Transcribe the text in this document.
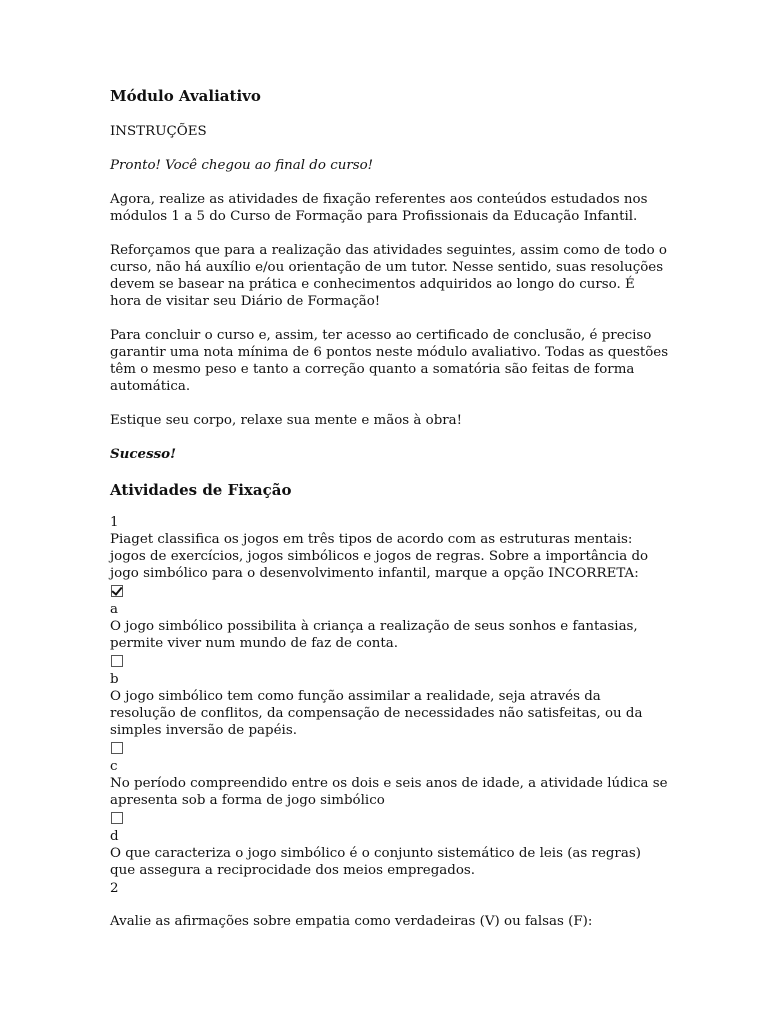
Módulo Avaliativo

INSTRUÇÕES

Pronto! Você chegou ao final do curso!

Agora, realize as atividades de fixação referentes aos conteúdos estudados nos módulos 1 a 5 do Curso de Formação para Profissionais da Educação Infantil.

Reforçamos que para a realização das atividades seguintes, assim como de todo o curso, não há auxílio e/ou orientação de um tutor. Nesse sentido, suas resoluções devem se basear na prática e conhecimentos adquiridos ao longo do curso. É hora de visitar seu Diário de Formação!

Para concluir o curso e, assim, ter acesso ao certificado de conclusão, é preciso garantir uma nota mínima de 6 pontos neste módulo avaliativo. Todas as questões têm o mesmo peso e tanto a correção quanto a somatória são feitas de forma automática.

Estique seu corpo, relaxe sua mente e mãos à obra!

Sucesso!

Atividades de Fixação
1
Piaget classifica os jogos em três tipos de acordo com as estruturas mentais: jogos de exercícios, jogos simbólicos e jogos de regras. Sobre a importância do jogo simbólico para o desenvolvimento infantil, marque a opção INCORRETA:
a
O jogo simbólico possibilita à criança a realização de seus sonhos e fantasias, permite viver num mundo de faz de conta.
b
O jogo simbólico tem como função assimilar a realidade, seja através da resolução de conflitos, da compensação de necessidades não satisfeitas, ou da simples inversão de papéis.
c
No período compreendido entre os dois e seis anos de idade, a atividade lúdica se apresenta sob a forma de jogo simbólico
d
O que caracteriza o jogo simbólico é o conjunto sistemático de leis (as regras) que assegura a reciprocidade dos meios empregados.
2
Avalie as afirmações sobre empatia como verdadeiras (V) ou falsas (F):
